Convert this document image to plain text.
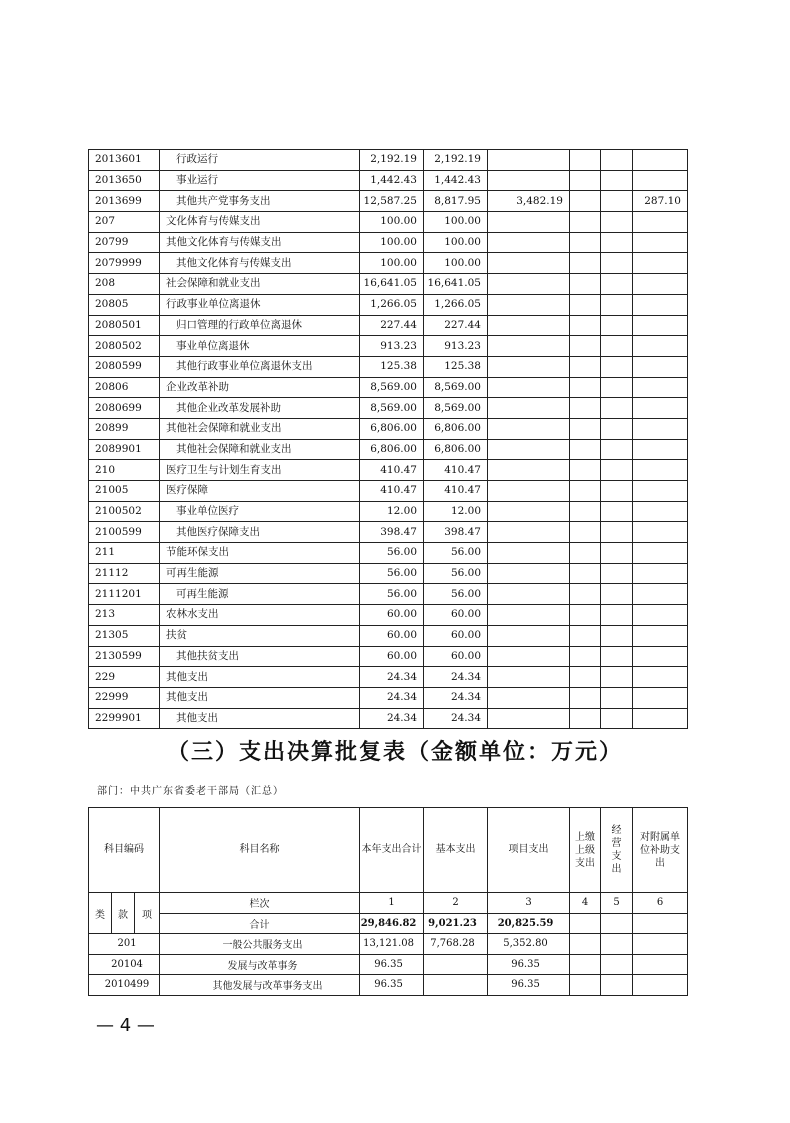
2013601	行政运行	2,192.19	2,192.19				
2013650	事业运行	1,442.43	1,442.43				
2013699	其他共产党事务支出	12,587.25	8,817.95	3,482.19			287.10
207	文化体育与传媒支出	100.00	100.00				
20799	其他文化体育与传媒支出	100.00	100.00				
2079999	其他文化体育与传媒支出	100.00	100.00				
208	社会保障和就业支出	16,641.05	16,641.05				
20805	行政事业单位离退休	1,266.05	1,266.05				
2080501	归口管理的行政单位离退休	227.44	227.44				
2080502	事业单位离退休	913.23	913.23				
2080599	其他行政事业单位离退休支出	125.38	125.38				
20806	企业改革补助	8,569.00	8,569.00				
2080699	其他企业改革发展补助	8,569.00	8,569.00				
20899	其他社会保障和就业支出	6,806.00	6,806.00				
2089901	其他社会保障和就业支出	6,806.00	6,806.00				
210	医疗卫生与计划生育支出	410.47	410.47				
21005	医疗保障	410.47	410.47				
2100502	事业单位医疗	12.00	12.00				
2100599	其他医疗保障支出	398.47	398.47				
211	节能环保支出	56.00	56.00				
21112	可再生能源	56.00	56.00				
2111201	可再生能源	56.00	56.00				
213	农林水支出	60.00	60.00				
21305	扶贫	60.00	60.00				
2130599	其他扶贫支出	60.00	60.00				
229	其他支出	24.34	24.34				
22999	其他支出	24.34	24.34				
2299901	其他支出	24.34	24.34				
（三）支出决算批复表（金额单位：万元）
部门：中共广东省委老干部局（汇总）
科目编码			科目名称	本年支出合计	基本支出	项目支出	上缴上级支出	经营支出	对附属单位补助支出
类	款	项	栏次	1	2	3	4	5	6
			合计	29,846.82	9,021.23	20,825.59			
201			一般公共服务支出	13,121.08	7,768.28	5,352.80			
20104			发展与改革事务	96.35		96.35			
2010499			其他发展与改革事务支出	96.35		96.35			
— 4 —
